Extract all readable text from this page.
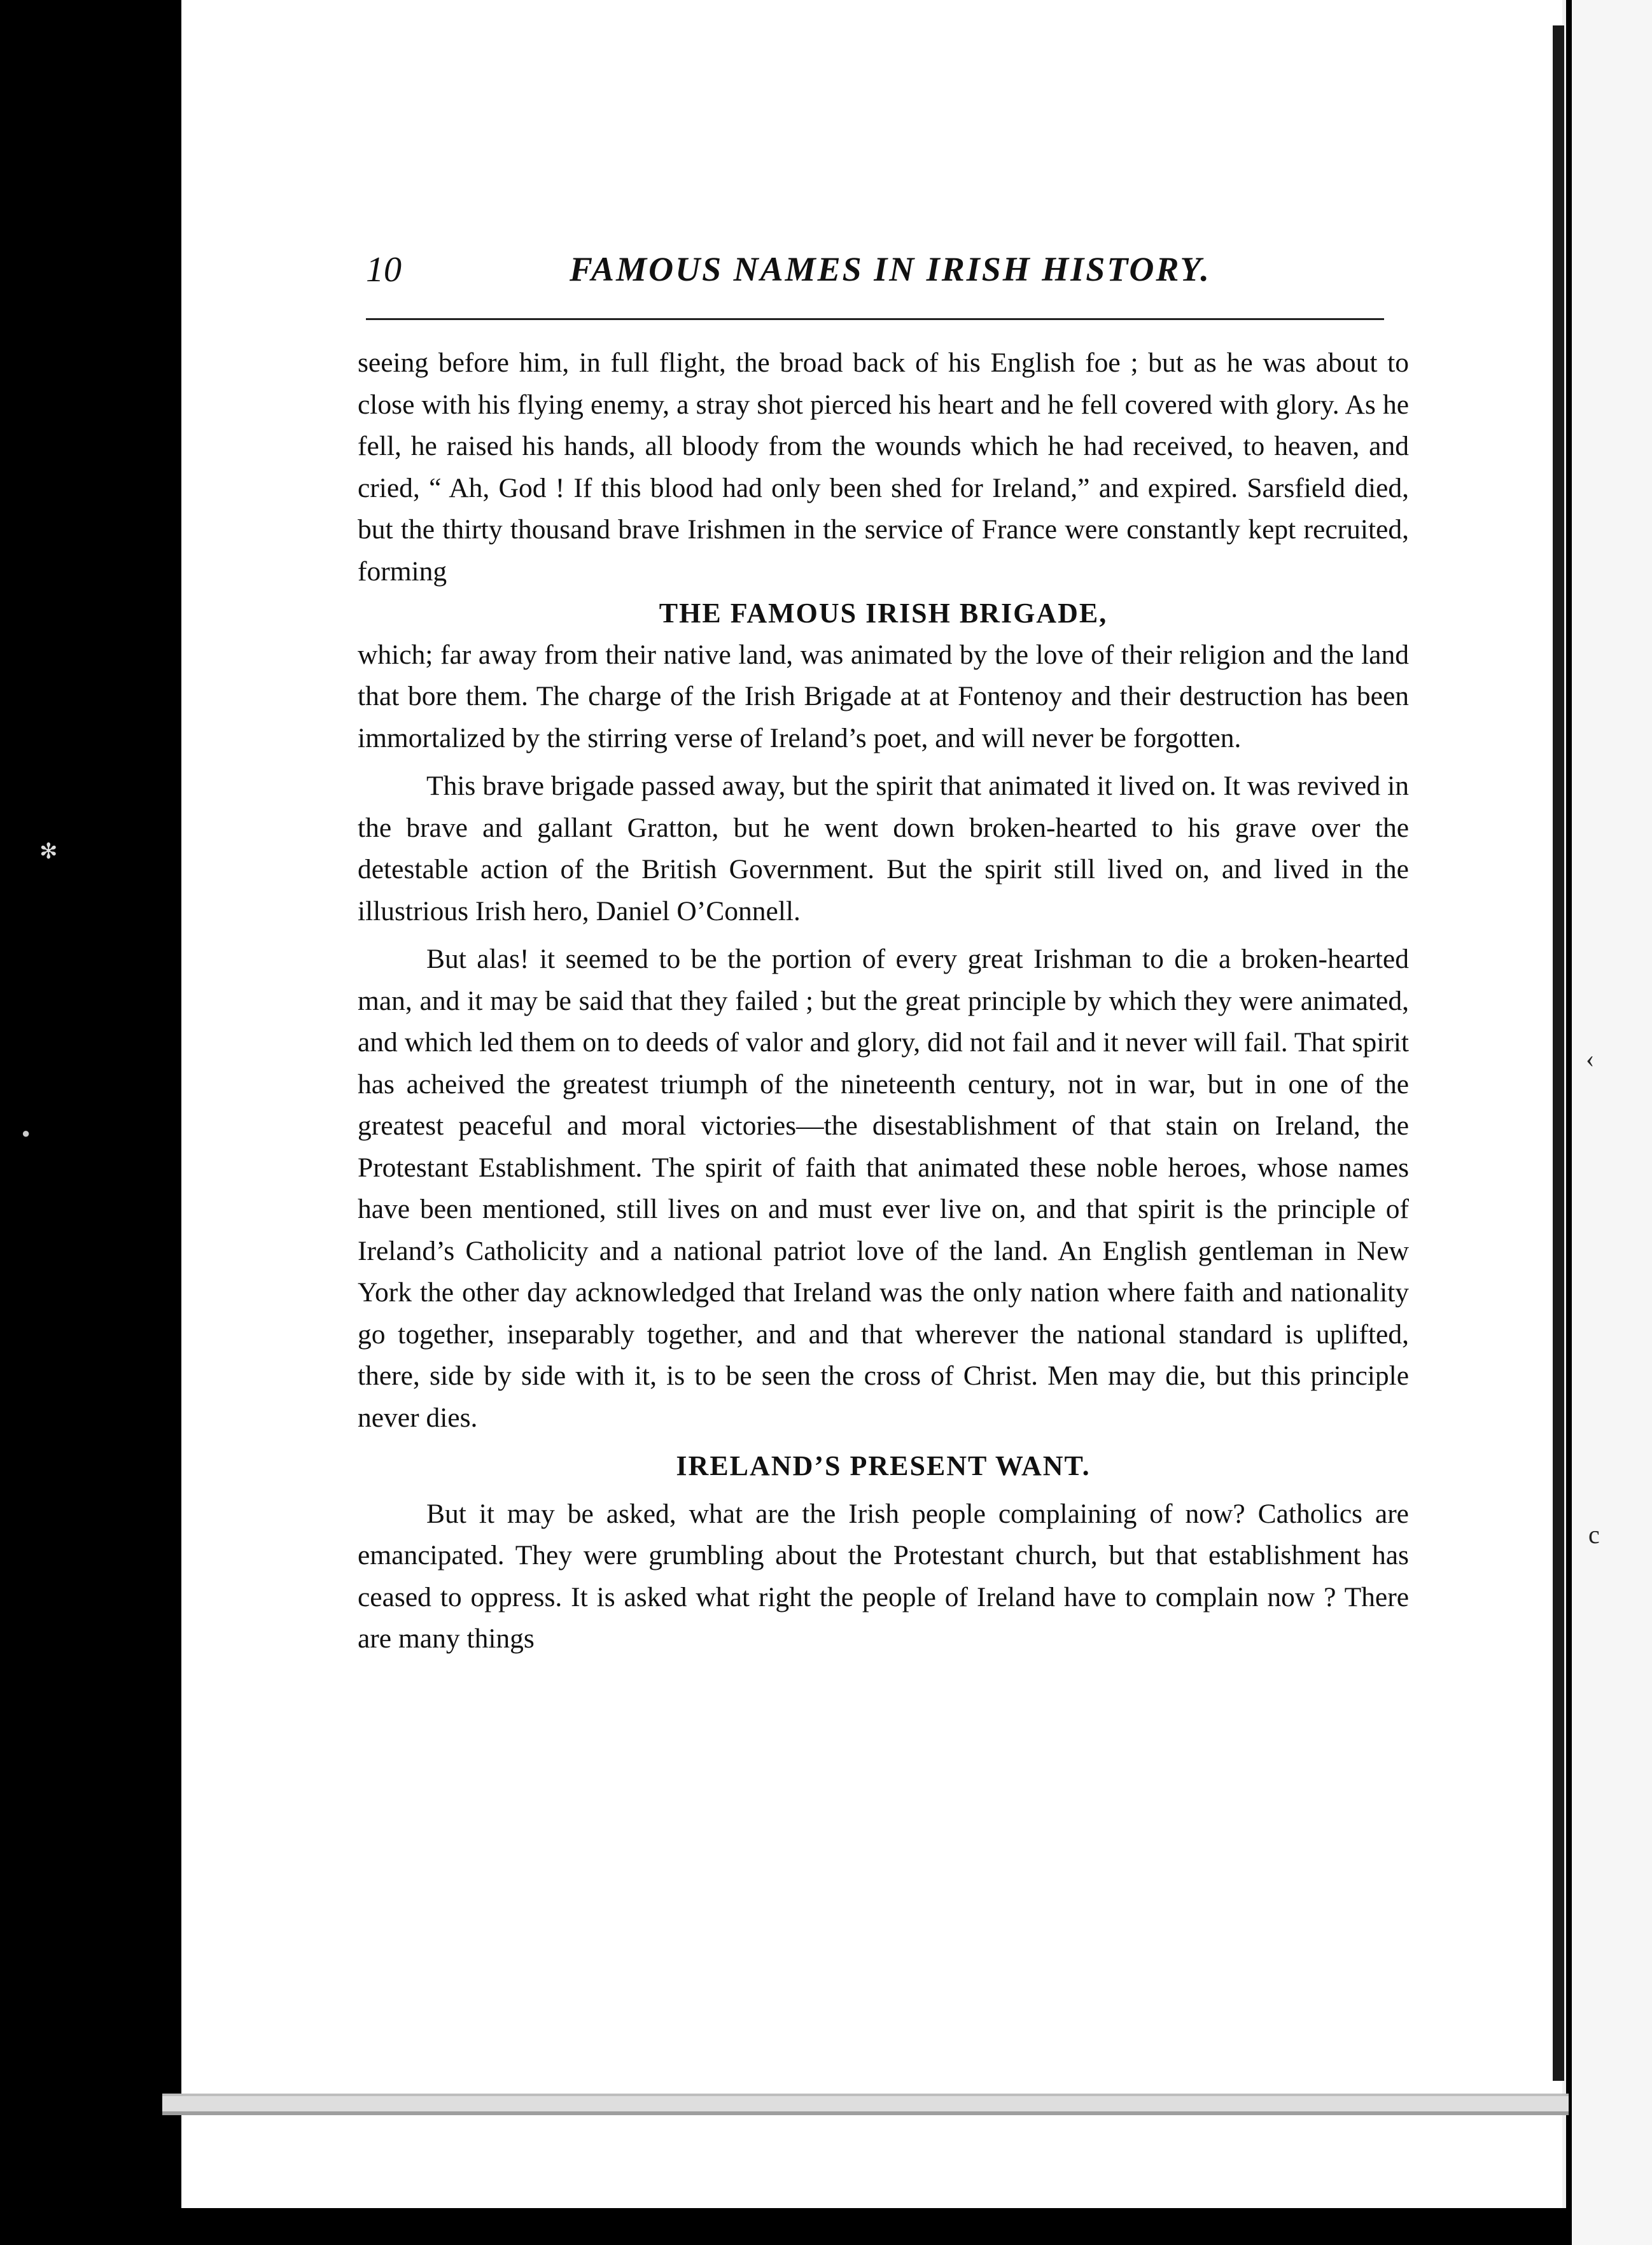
✻
●
‹
c
10	FAMOUS NAMES IN IRISH HISTORY.

seeing before him, in full flight, the broad back of his English foe ; but as he was about to close with his flying enemy, a stray shot pierced his heart and he fell covered with glory. As he fell, he raised his hands, all bloody from the wounds which he had received, to heaven, and cried, “ Ah, God ! If this blood had only been shed for Ireland,” and expired. Sarsfield died, but the thirty thousand brave Irishmen in the service of France were constantly kept recruited, forming

THE FAMOUS IRISH BRIGADE,

which; far away from their native land, was animated by the love of their religion and the land that bore them. The charge of the Irish Brigade at at Fontenoy and their destruction has been immortalized by the stirring verse of Ireland’s poet, and will never be forgotten.

This brave brigade passed away, but the spirit that animated it lived on. It was revived in the brave and gallant Gratton, but he went down broken-hearted to his grave over the detestable action of the British Government. But the spirit still lived on, and lived in the illustrious Irish hero, Daniel O’Connell.

But alas! it seemed to be the portion of every great Irishman to die a broken-hearted man, and it may be said that they failed ; but the great principle by which they were animated, and which led them on to deeds of valor and glory, did not fail and it never will fail. That spirit has acheived the greatest triumph of the nineteenth century, not in war, but in one of the greatest peaceful and moral victories—the disestablishment of that stain on Ireland, the Protestant Establishment. The spirit of faith that animated these noble heroes, whose names have been mentioned, still lives on and must ever live on, and that spirit is the principle of Ireland’s Catholicity and a national patriot love of the land. An English gentleman in New York the other day acknowledged that Ireland was the only nation where faith and nationality go together, inseparably together, and and that wherever the national standard is uplifted, there, side by side with it, is to be seen the cross of Christ. Men may die, but this principle never dies.

IRELAND’S PRESENT WANT.

But it may be asked, what are the Irish people complaining of now? Catholics are emancipated. They were grumbling about the Protestant church, but that establishment has ceased to oppress. It is asked what right the people of Ireland have to complain now ? There are many things
